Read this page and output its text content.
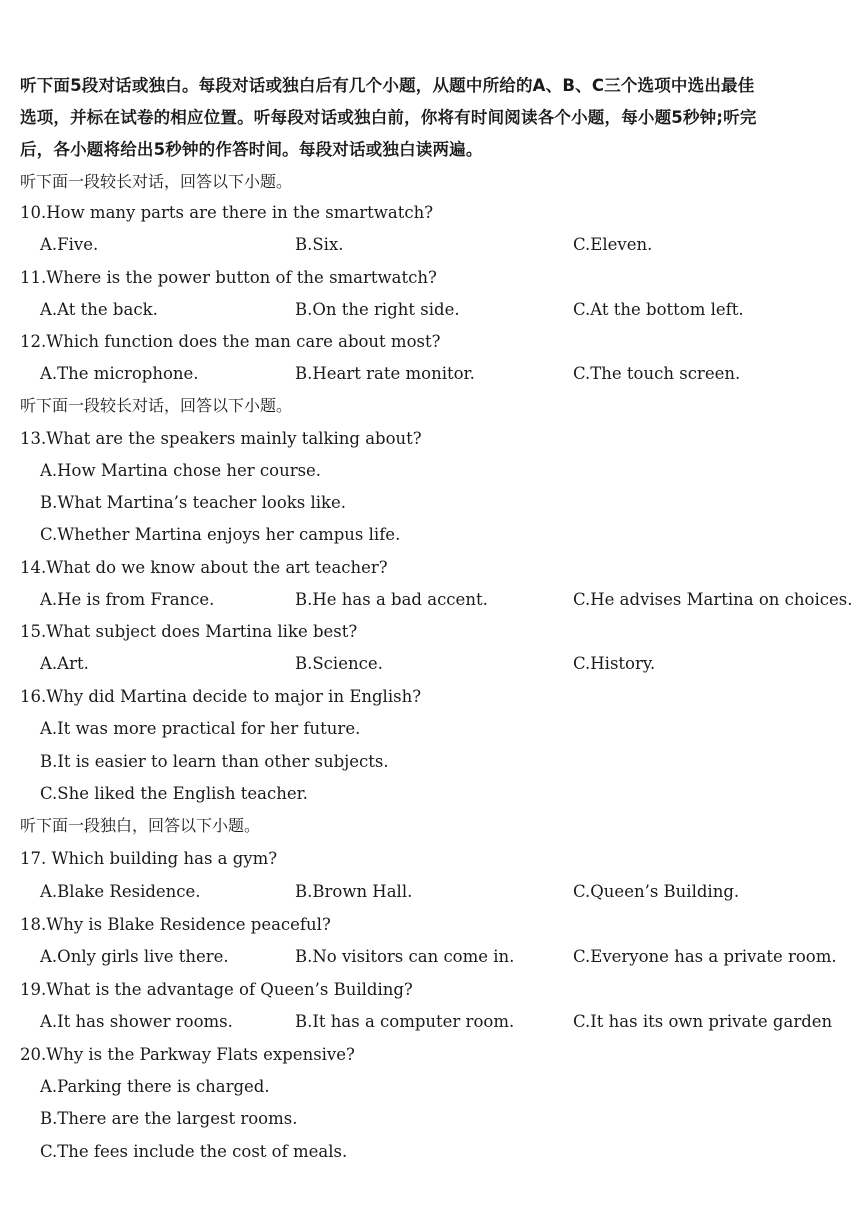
听下面5段对话或独白。每段对话或独白后有几个小题，从题中所给的A、B、C三个选项中选出最佳
选项，并标在试卷的相应位置。听每段对话或独白前，你将有时间阅读各个小题，每小题5秒钟;听完
后，各小题将给出5秒钟的作答时间。每段对话或独白读两遍。
听下面一段较长对话，回答以下小题。
10.How many parts are there in the smartwatch?
A.Five.	B.Six.	C.Eleven.
11.Where is the power button of the smartwatch?
A.At the back.	B.On the right side.	C.At the bottom left.
12.Which function does the man care about most?
A.The microphone.	B.Heart rate monitor.	C.The touch screen.
听下面一段较长对话，回答以下小题。
13.What are the speakers mainly talking about?
A.How Martina chose her course.
B.What Martina’s teacher looks like.
C.Whether Martina enjoys her campus life.
14.What do we know about the art teacher?
A.He is from France.	B.He has a bad accent.	C.He advises Martina on choices.
15.What subject does Martina like best?
A.Art.	B.Science.	C.History.
16.Why did Martina decide to major in English?
A.It was more practical for her future.
B.It is easier to learn than other subjects.
C.She liked the English teacher.
听下面一段独白，回答以下小题。
17. Which building has a gym?
A.Blake Residence.	B.Brown Hall.	C.Queen’s Building.
18.Why is Blake Residence peaceful?
A.Only girls live there.	B.No visitors can come in.	C.Everyone has a private room.
19.What is the advantage of Queen’s Building?
A.It has shower rooms.	B.It has a computer room.	C.It has its own private garden
20.Why is the Parkway Flats expensive?
A.Parking there is charged.
B.There are the largest rooms.
C.The fees include the cost of meals.
